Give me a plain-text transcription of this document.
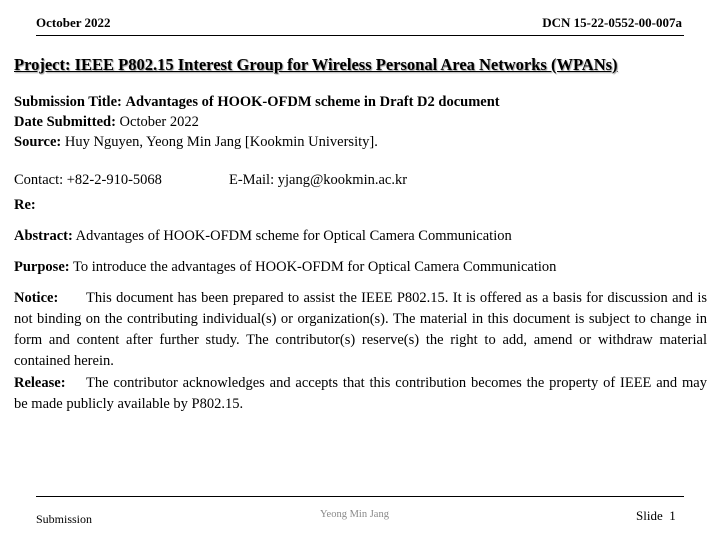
October 2022	DCN 15-22-0552-00-007a
Project: IEEE P802.15 Interest Group for Wireless Personal Area Networks (WPANs)
Submission Title: Advantages of HOOK-OFDM scheme in Draft D2 document
Date Submitted: October 2022
Source: Huy Nguyen, Yeong Min Jang [Kookmin University].
Contact: +82-2-910-5068	E-Mail: yjang@kookmin.ac.kr
Re:
Abstract: Advantages of HOOK-OFDM scheme for Optical Camera Communication
Purpose: To introduce the advantages of HOOK-OFDM for Optical Camera Communication
Notice: This document has been prepared to assist the IEEE P802.15. It is offered as a basis for discussion and is not binding on the contributing individual(s) or organization(s). The material in this document is subject to change in form and content after further study. The contributor(s) reserve(s) the right to add, amend or withdraw material contained herein.
Release: The contributor acknowledges and accepts that this contribution becomes the property of IEEE and may be made publicly available by P802.15.
Submission	Yeong Min Jang	Slide 1
